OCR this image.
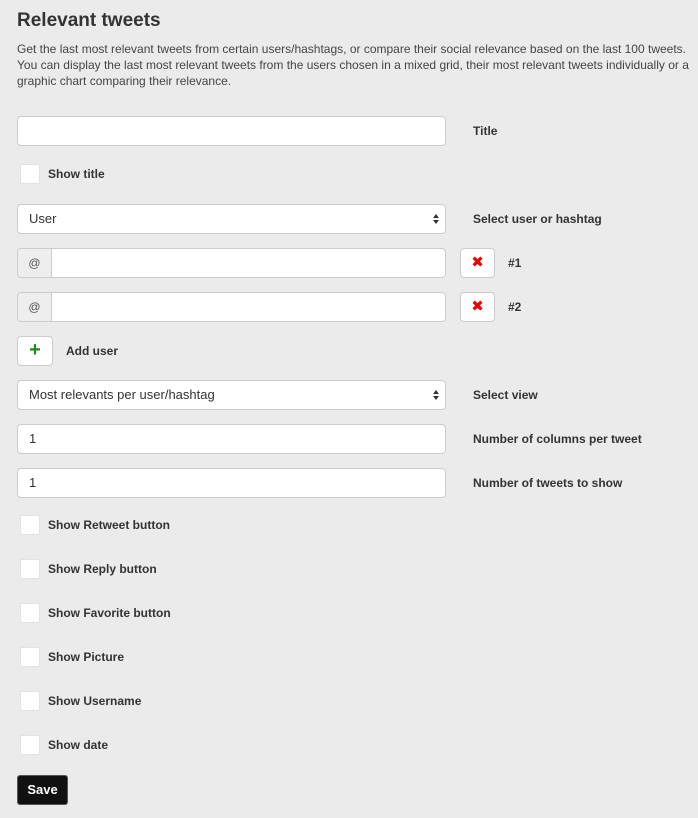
Relevant tweets
Get the last most relevant tweets from certain users/hashtags, or compare their social relevance based on the last 100 tweets. You can display the last most relevant tweets from the users chosen in a mixed grid, their most relevant tweets individually or a graphic chart comparing their relevance.
Title
Show title
User	Select user or hashtag
@	✖	#1
@	✖	#2
+	Add user
Most relevants per user/hashtag	Select view
1	Number of columns per tweet
1	Number of tweets to show
Show Retweet button
Show Reply button
Show Favorite button
Show Picture
Show Username
Show date
Save
